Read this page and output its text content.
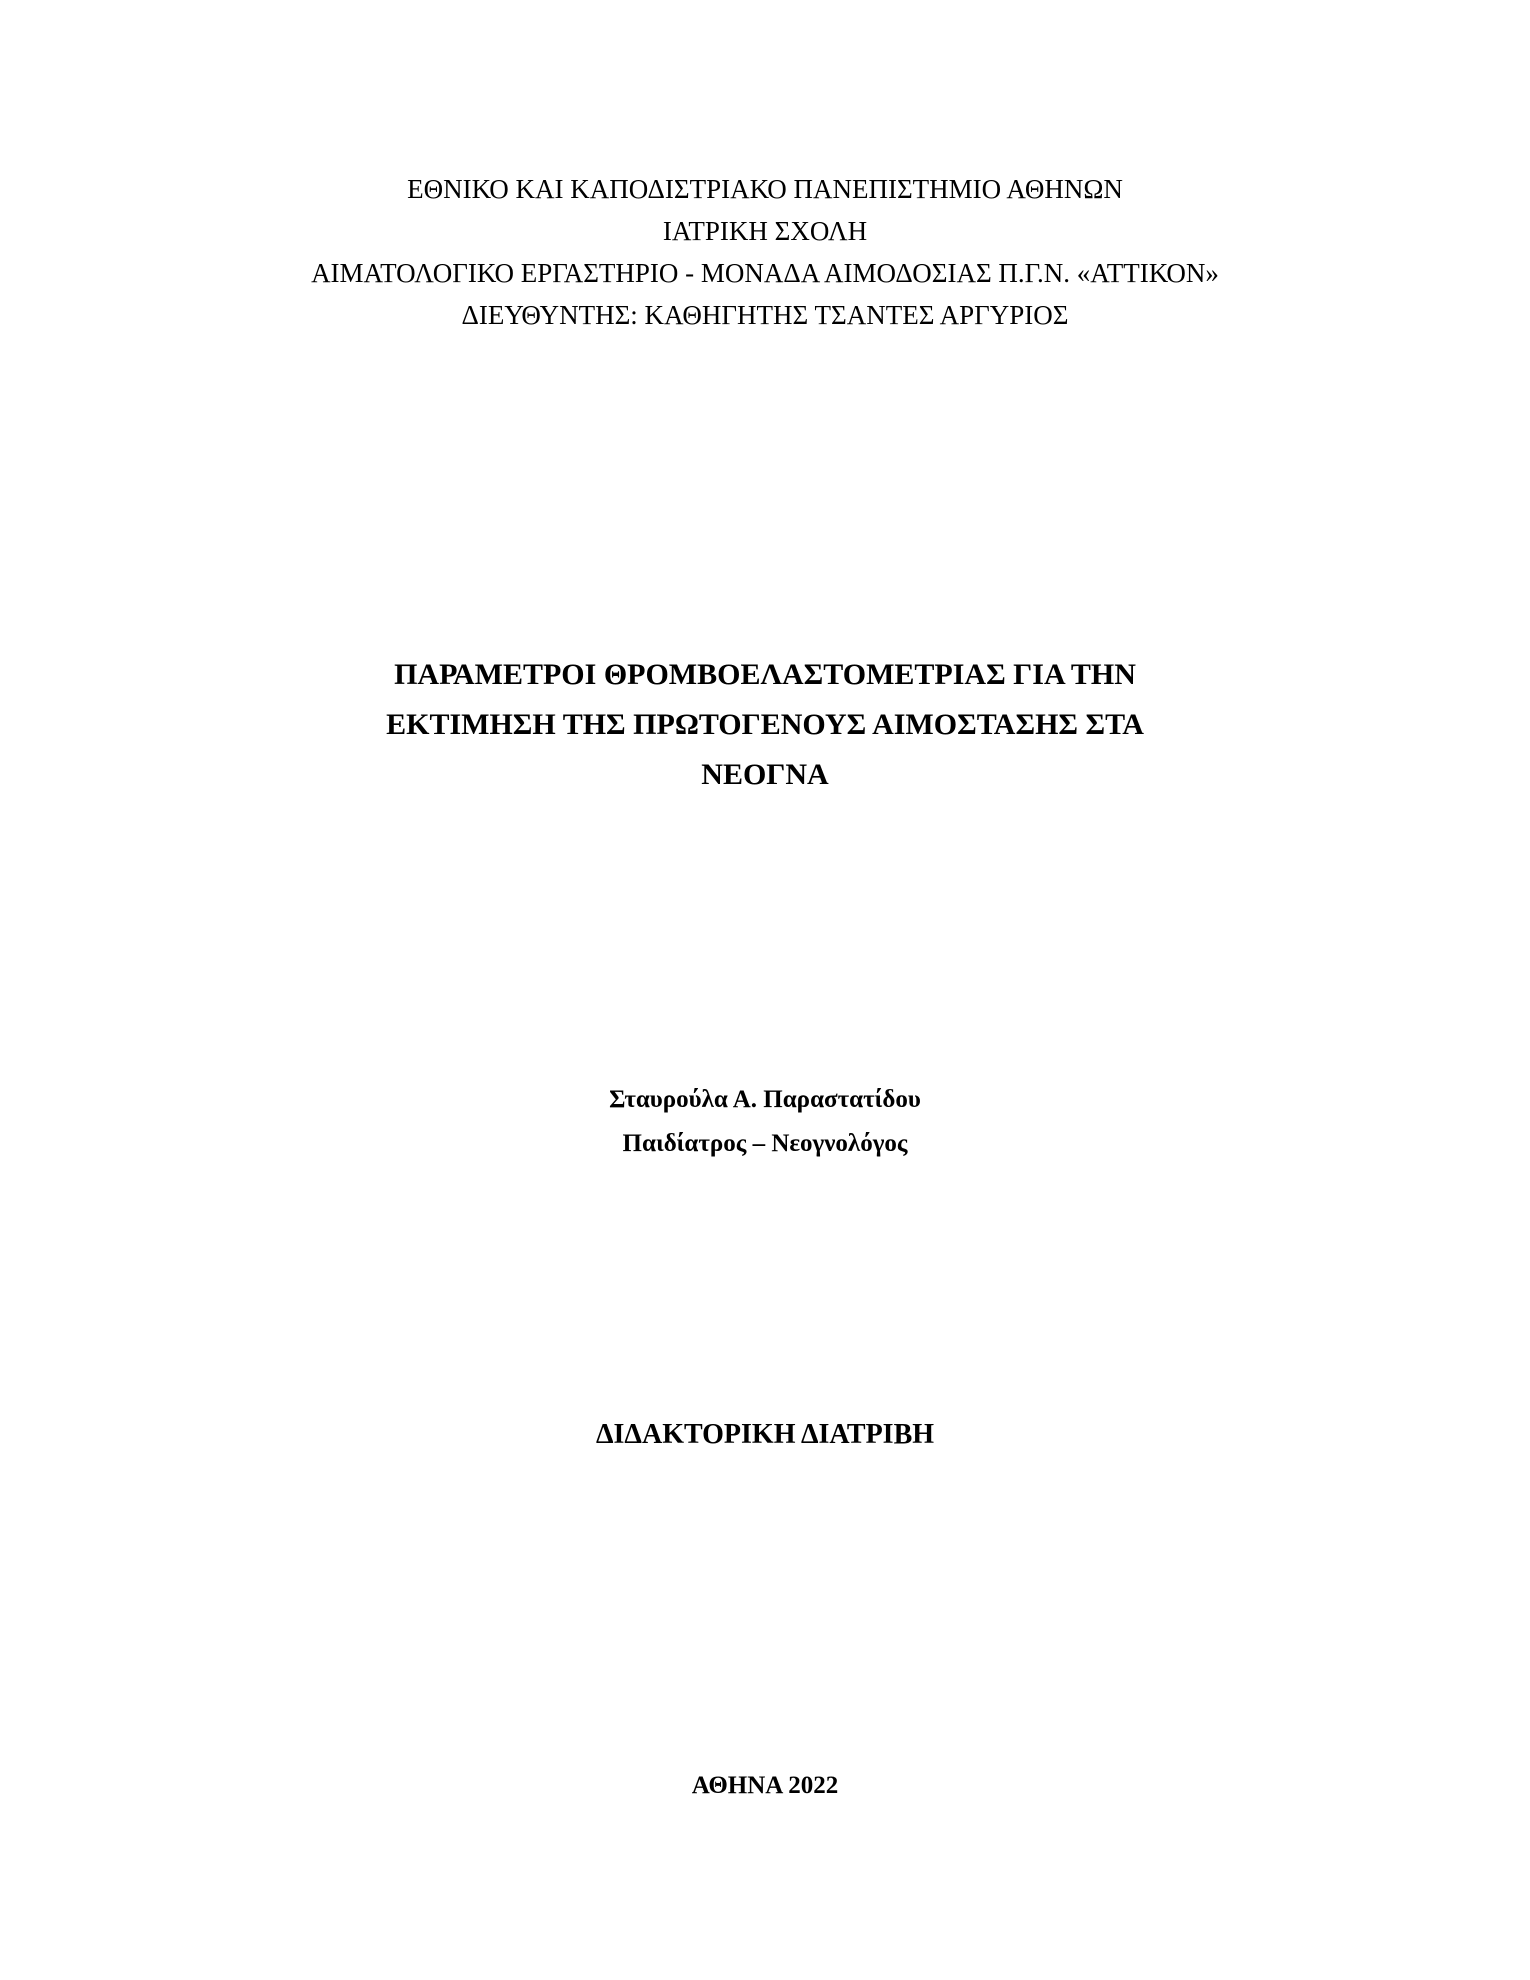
ΕΘΝΙΚΟ ΚΑΙ ΚΑΠΟΔΙΣΤΡΙΑΚΟ ΠΑΝΕΠΙΣΤΗΜΙΟ ΑΘΗΝΩΝ
ΙΑΤΡΙΚΗ ΣΧΟΛΗ
ΑΙΜΑΤΟΛΟΓΙΚΟ ΕΡΓΑΣΤΗΡΙΟ - ΜΟΝΑΔΑ ΑΙΜΟΔΟΣΙΑΣ Π.Γ.Ν. «ΑΤΤΙΚΟΝ»
ΔΙΕΥΘΥΝΤΗΣ: ΚΑΘΗΓΗΤΗΣ ΤΣΑΝΤΕΣ ΑΡΓΥΡΙΟΣ
ΠΑΡΑΜΕΤΡΟΙ ΘΡΟΜΒΟΕΛΑΣΤΟΜΕΤΡΙΑΣ ΓΙΑ ΤΗΝ
ΕΚΤΙΜΗΣΗ ΤΗΣ ΠΡΩΤΟΓΕΝΟΥΣ ΑΙΜΟΣΤΑΣΗΣ ΣΤΑ
ΝΕΟΓΝΑ
Σταυρούλα Α. Παραστατίδου
Παιδίατρος – Νεογνολόγος
ΔΙΔΑΚΤΟΡΙΚΗ ΔΙΑΤΡΙΒΗ
ΑΘΗΝΑ 2022
